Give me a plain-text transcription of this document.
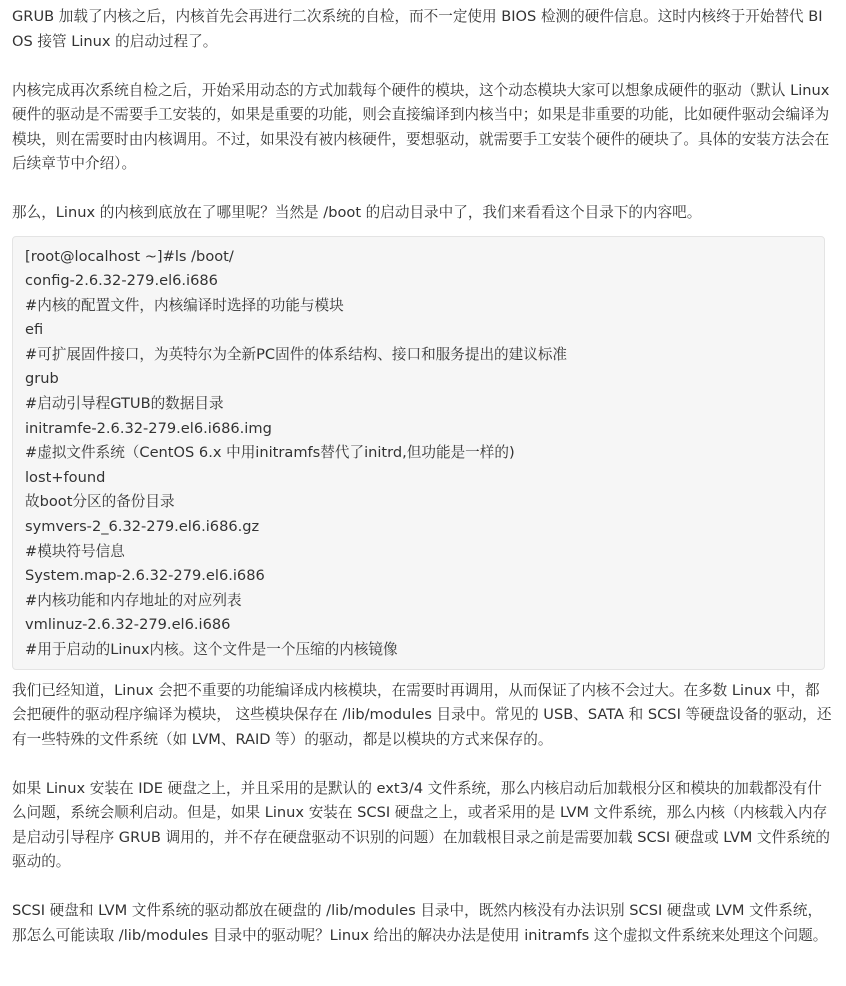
GRUB 加载了内核之后，内核首先会再进行二次系统的自检，而不一定使用 BIOS 检测的硬件信息。这时内核终于开始替代 BIOS 接管 Linux 的启动过程了。

内核完成再次系统自检之后，开始采用动态的方式加载每个硬件的模块，这个动态模块大家可以想象成硬件的驱动（默认 Linux 硬件的驱动是不需要手工安装的，如果是重要的功能，则会直接编译到内核当中；如果是非重要的功能，比如硬件驱动会编译为模块，则在需要时由内核调用。不过，如果没有被内核硬件，要想驱动，就需要手工安装个硬件的硬块了。具体的安装方法会在后续章节中介绍）。

那么，Linux 的内核到底放在了哪里呢？当然是 /boot 的启动目录中了，我们来看看这个目录下的内容吧。

[root@localhost ~]#ls /boot/
config-2.6.32-279.el6.i686
#内核的配置文件，内核编译时选择的功能与模块
efi
#可扩展固件接口，为英特尔为全新PC固件的体系结构、接口和服务提出的建议标准
grub
#启动引导程GTUB的数据目录
initramfe-2.6.32-279.el6.i686.img
#虚拟文件系统（CentOS 6.x 中用initramfs替代了initrd,但功能是一样的)
lost+found
故boot分区的备份目录
symvers-2_6.32-279.el6.i686.gz
#模块符号信息
System.map-2.6.32-279.el6.i686
#内核功能和内存地址的对应列表
vmlinuz-2.6.32-279.el6.i686
#用于启动的Linux内核。这个文件是一个压缩的内核镜像

我们已经知道，Linux 会把不重要的功能编译成内核模块，在需要时再调用，从而保证了内核不会过大。在多数 Linux 中，都会把硬件的驱动程序编译为模块， 这些模块保存在 /lib/modules 目录中。常见的 USB、SATA 和 SCSI 等硬盘设备的驱动，还有一些特殊的文件系统（如 LVM、RAID 等）的驱动，都是以模块的方式来保存的。

如果 Linux 安装在 IDE 硬盘之上，并且采用的是默认的 ext3/4 文件系统，那么内核启动后加载根分区和模块的加载都没有什么问题，系统会顺利启动。但是，如果 Linux 安装在 SCSI 硬盘之上，或者采用的是 LVM 文件系统，那么内核（内核载入内存是启动引导程序 GRUB 调用的，并不存在硬盘驱动不识别的问题）在加载根目录之前是需要加载 SCSI 硬盘或 LVM 文件系统的驱动的。

SCSI 硬盘和 LVM 文件系统的驱动都放在硬盘的 /lib/modules 目录中，既然内核没有办法识别 SCSI 硬盘或 LVM 文件系统，那怎么可能读取 /lib/modules 目录中的驱动呢？Linux 给出的解决办法是使用 initramfs 这个虚拟文件系统来处理这个问题。
